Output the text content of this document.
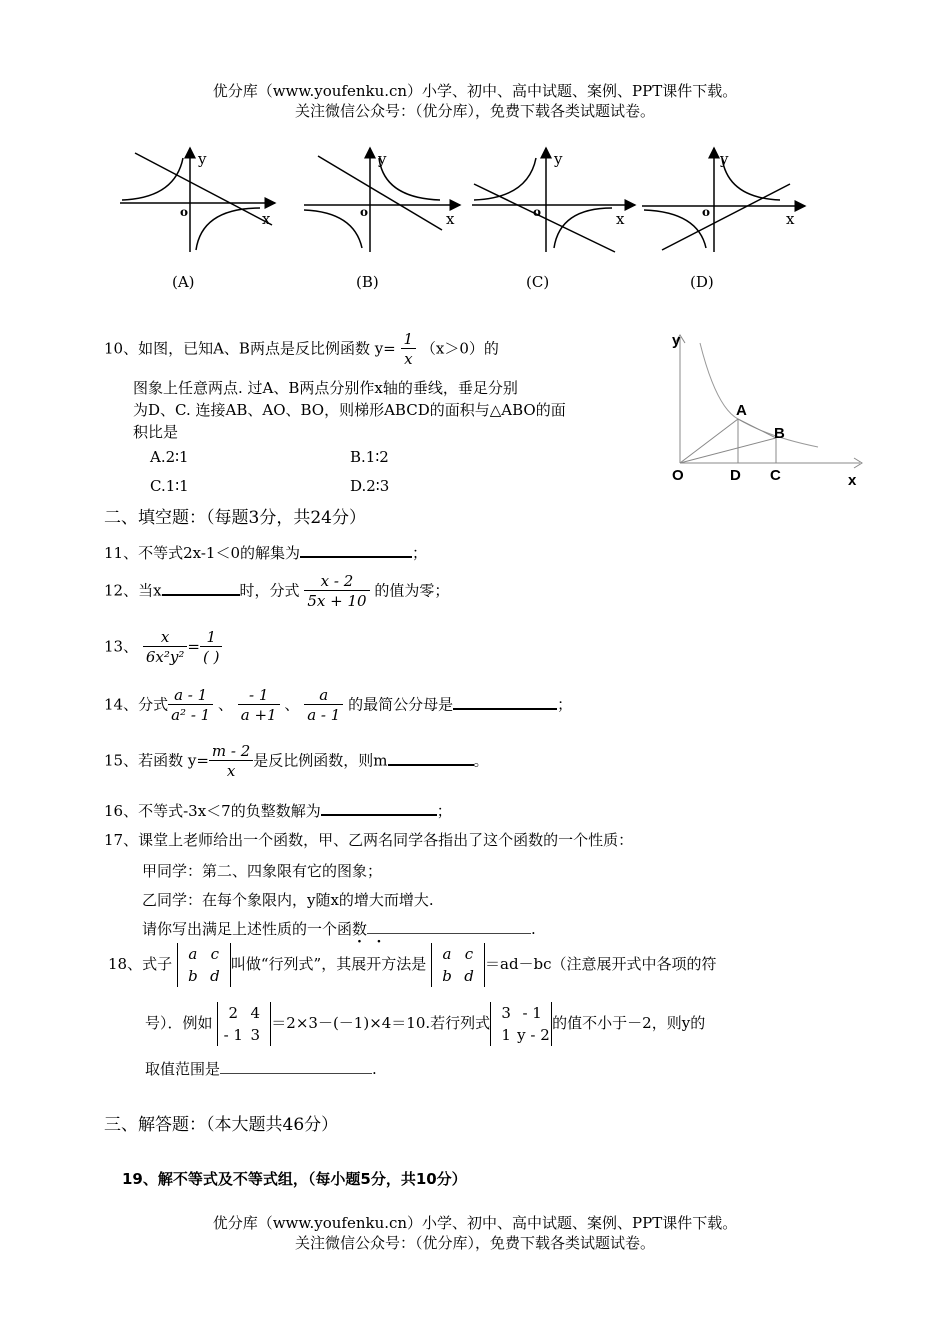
优分库（www.youfenku.cn）小学、初中、高中试题、案例、PPT课件下载。
关注微信公众号：（优分库），免费下载各类试题试卷。
y
x
o
y
x
o
y
x
o
y
x
o
(A)	(B)	(C)	(D)
10、如图，已知A、B两点是反比例函数 $y= \frac{1}{x} (x>0)$的
图象上任意两点. 过A、B两点分别作x轴的垂线，垂足分别
为D、C. 连接AB、AO、BO，则梯形ABCD的面积与△ABO的面
积比是
A.2∶1	B.1∶2
C.1∶1	D.2∶3
y
x
O
A
B
D C
二、填空题：（每题3分，共24分）
11、不等式2x-1＜0的解集为	；
12、当x	时，分式 $\frac{x - 2}{5x + 10}$ 的值为零；
13、 $\frac{x}{\text{6x²y²}} = \frac{1}{( )}$
14、分式 $\frac{a - 1}{\text{a² - 1}}$ 、 $\frac{- 1}{a +1}$ 、 $\frac{a}{a - 1}$ 的最简公分母是	；
15、若函数 $y= \frac{m - 2}{x}$ 是反比例函数，则m	。
16、不等式-3x＜7的负整数解为	；
17、课堂上老师给出一个函数，甲、乙两名同学各指出了这个函数的一个性质：
甲同学：第二、四象限有它的图象；
乙同学：在每个象限内，y随x的增大而增大.
请你写出满足上述性质的一个函数	.
·   ·
18、式子 a c
b d叫做“行列式”，其展开方法是 a c
b d＝ad－bc（注意展开式中各项的符
号）．例如 2 4
- 1 3＝2×3－(－1)×4＝10.若行列式3 - 1
1 y - 2的值不小于－2，则y的
取值范围是	.
三、解答题：（本大题共46分）
19、解不等式及不等式组，（每小题5分，共10分）
优分库（www.youfenku.cn）小学、初中、高中试题、案例、PPT课件下载。
关注微信公众号：（优分库），免费下载各类试题试卷。
